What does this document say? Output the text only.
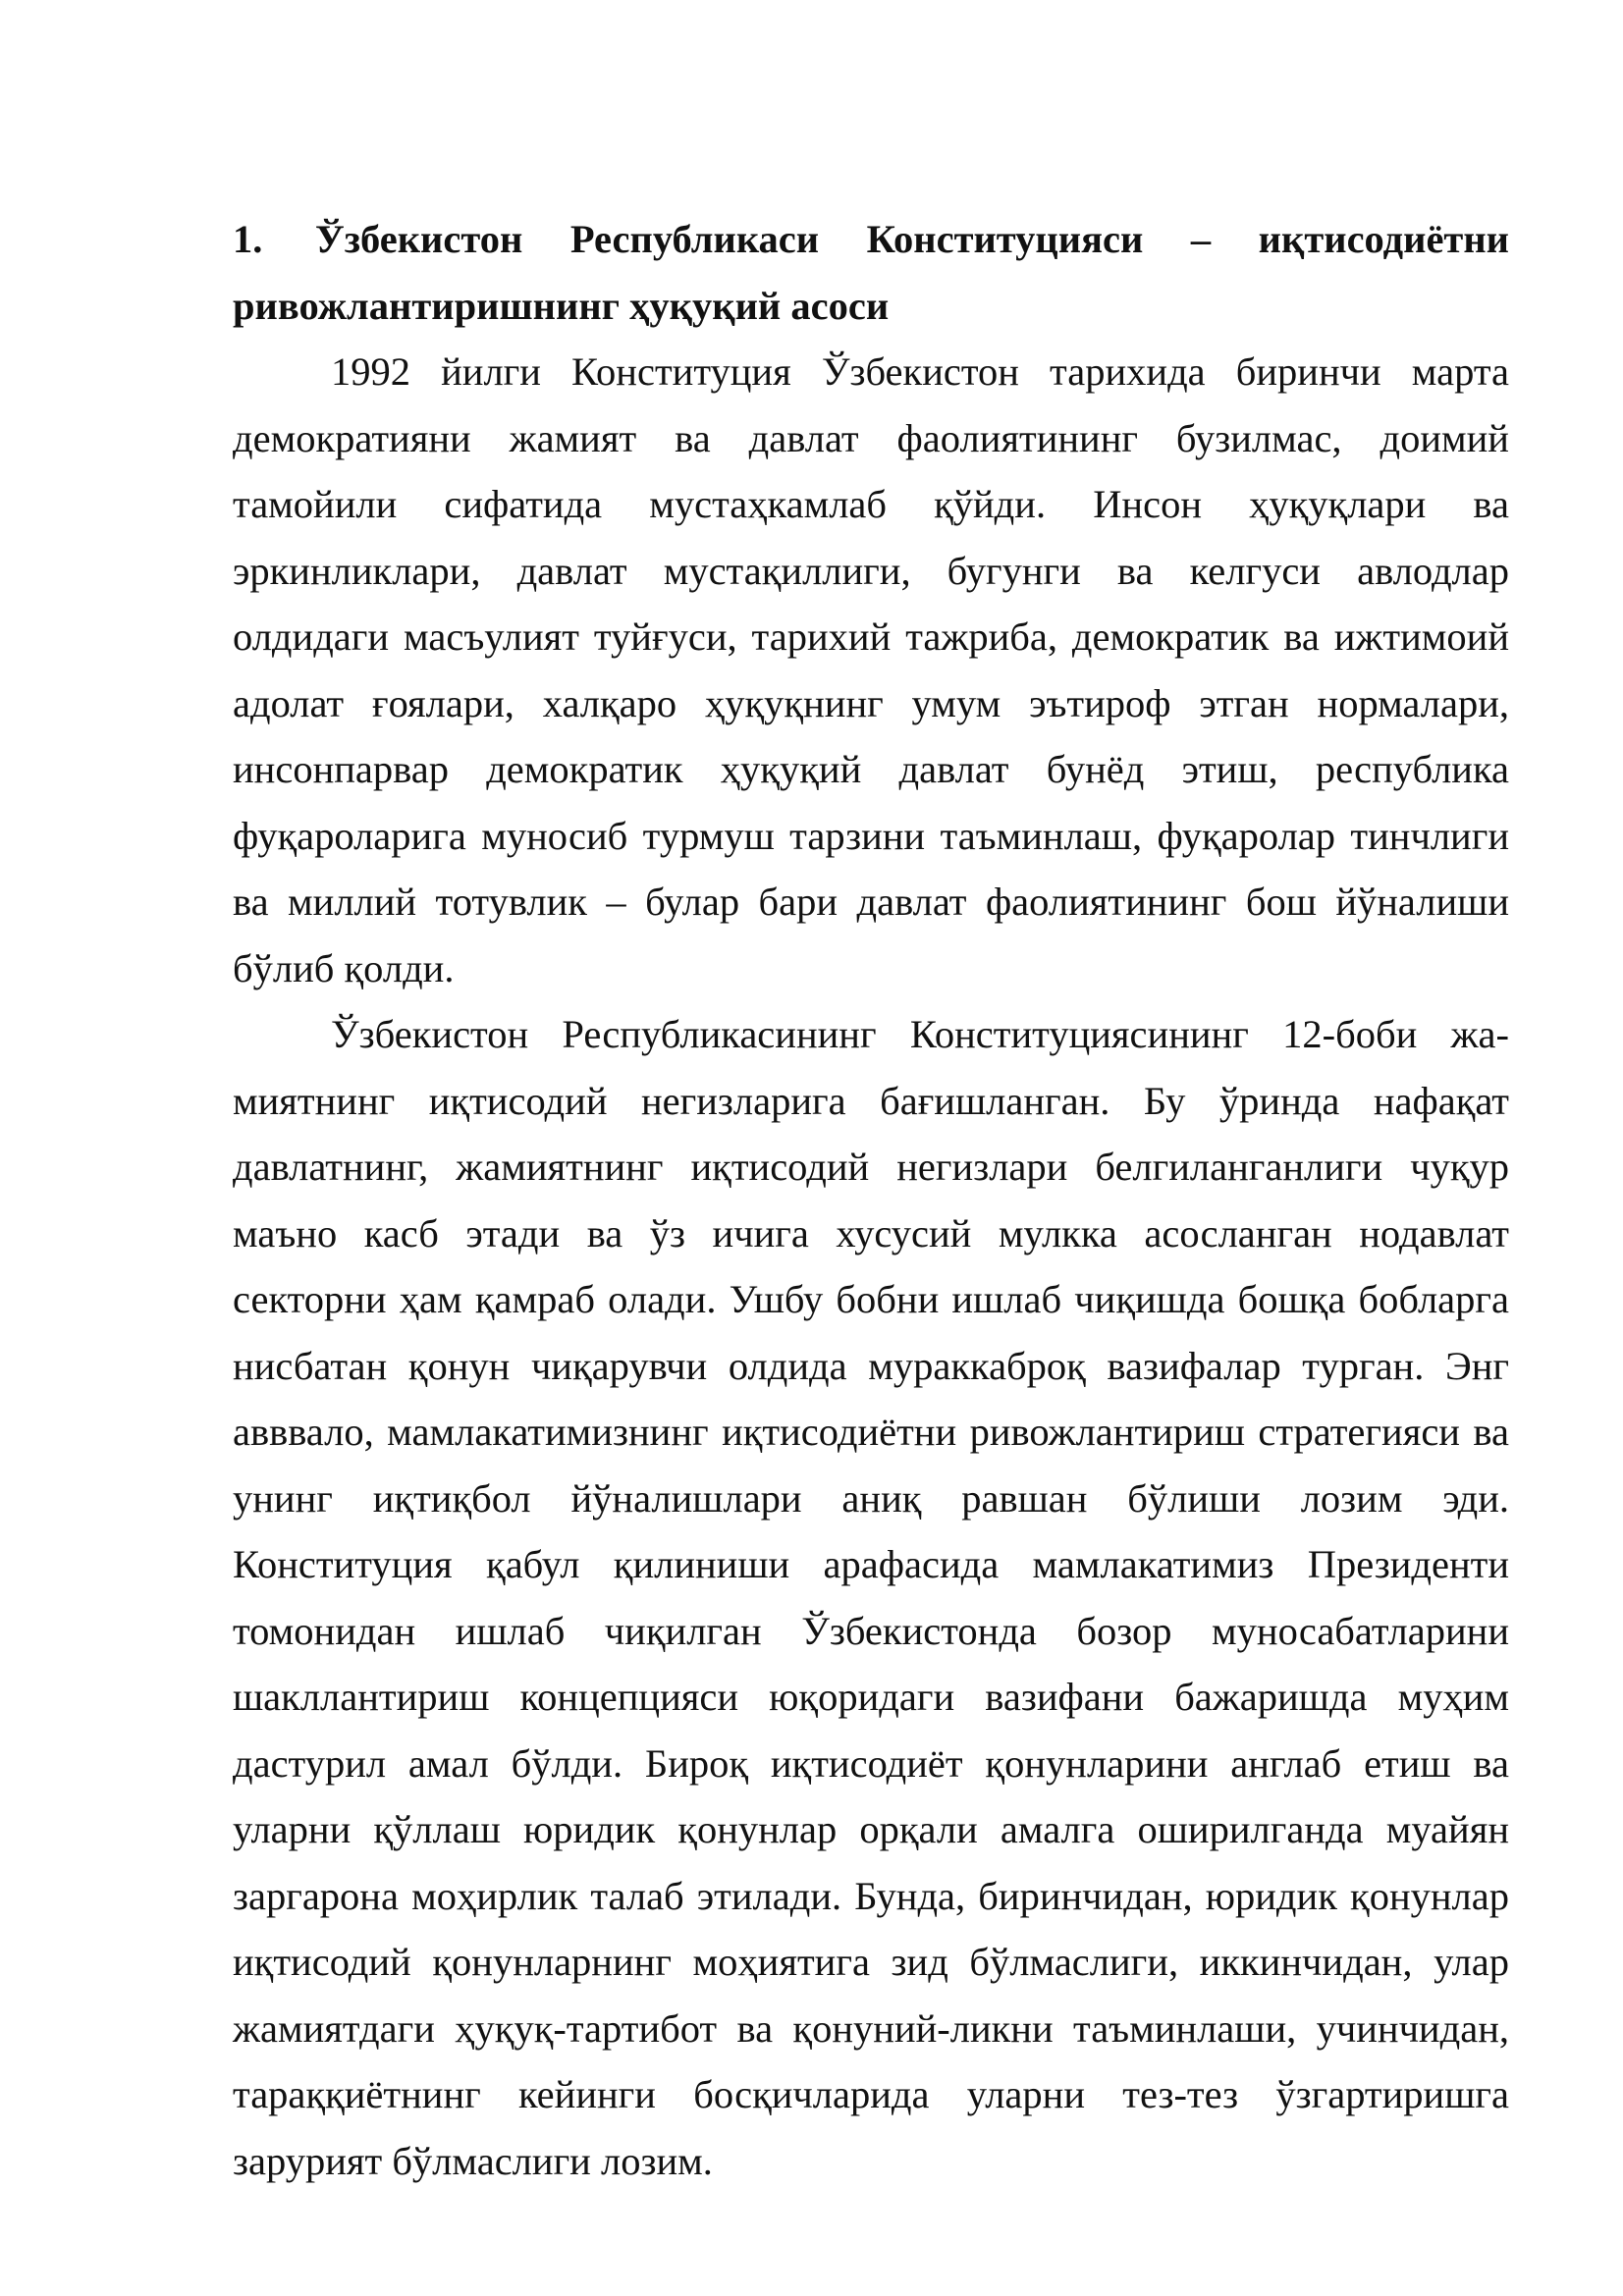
1. Ўзбекистон Республикаси Конституцияси – иқтисодиётни ривожлантиришнинг ҳуқуқий асоси

1992 йилги Конституция Ўзбекистон тарихида биринчи марта демократияни жамият ва давлат фаолиятининг бузилмас, доимий тамойили сифатида мустаҳкамлаб қўйди. Инсон ҳуқуқлари ва эркинликлари, давлат мустақиллиги, бугунги ва келгуси авлодлар олдидаги масъулият туйғуси, тарихий тажриба, демократик ва ижтимоий адолат ғоялари, халқаро ҳуқуқнинг умум эътироф этган нормалари, инсонпарвар демократик ҳуқуқий давлат бунёд этиш, республика фуқароларига муносиб турмуш тарзини таъминлаш, фуқаролар тинчлиги ва миллий тотувлик – булар бари давлат фаолиятининг бош йўналиши бўлиб қолди.

Ўзбекистон Республикасининг Конституциясининг 12-боби жа-миятнинг иқтисодий негизларига бағишланган. Бу ўринда нафақат давлатнинг, жамиятнинг иқтисодий негизлари белгиланганлиги чуқур маъно касб этади ва ўз ичига хусусий мулкка асосланган нодавлат секторни ҳам қамраб олади. Ушбу бобни ишлаб чиқишда бошқа бобларга нисбатан қонун чиқарувчи олдида мураккаброқ вазифалар турган. Энг авввало, мамлакатимизнинг иқтисодиётни ривожлантириш стратегияси ва унинг иқтиқбол йўналишлари аниқ равшан бўлиши лозим эди. Конституция қабул қилиниши арафасида мамлакатимиз Президенти томонидан ишлаб чиқилган Ўзбекистонда бозор муносабатларини шакллантириш концепцияси юқоридаги вазифани бажаришда муҳим дастурил амал бўлди. Бироқ иқтисодиёт қонунларини англаб етиш ва уларни қўллаш юридик қонунлар орқали амалга оширилганда муайян заргарона моҳирлик талаб этилади. Бунда, биринчидан, юридик қонунлар иқтисодий қонунларнинг моҳиятига зид бўлмаслиги, иккинчидан, улар жамиятдаги ҳуқуқ-тартибот ва қонуний-ликни таъминлаши, учинчидан, тараққиётнинг кейинги босқичларида уларни тез-тез ўзгартиришга зарурият бўлмаслиги лозим.
